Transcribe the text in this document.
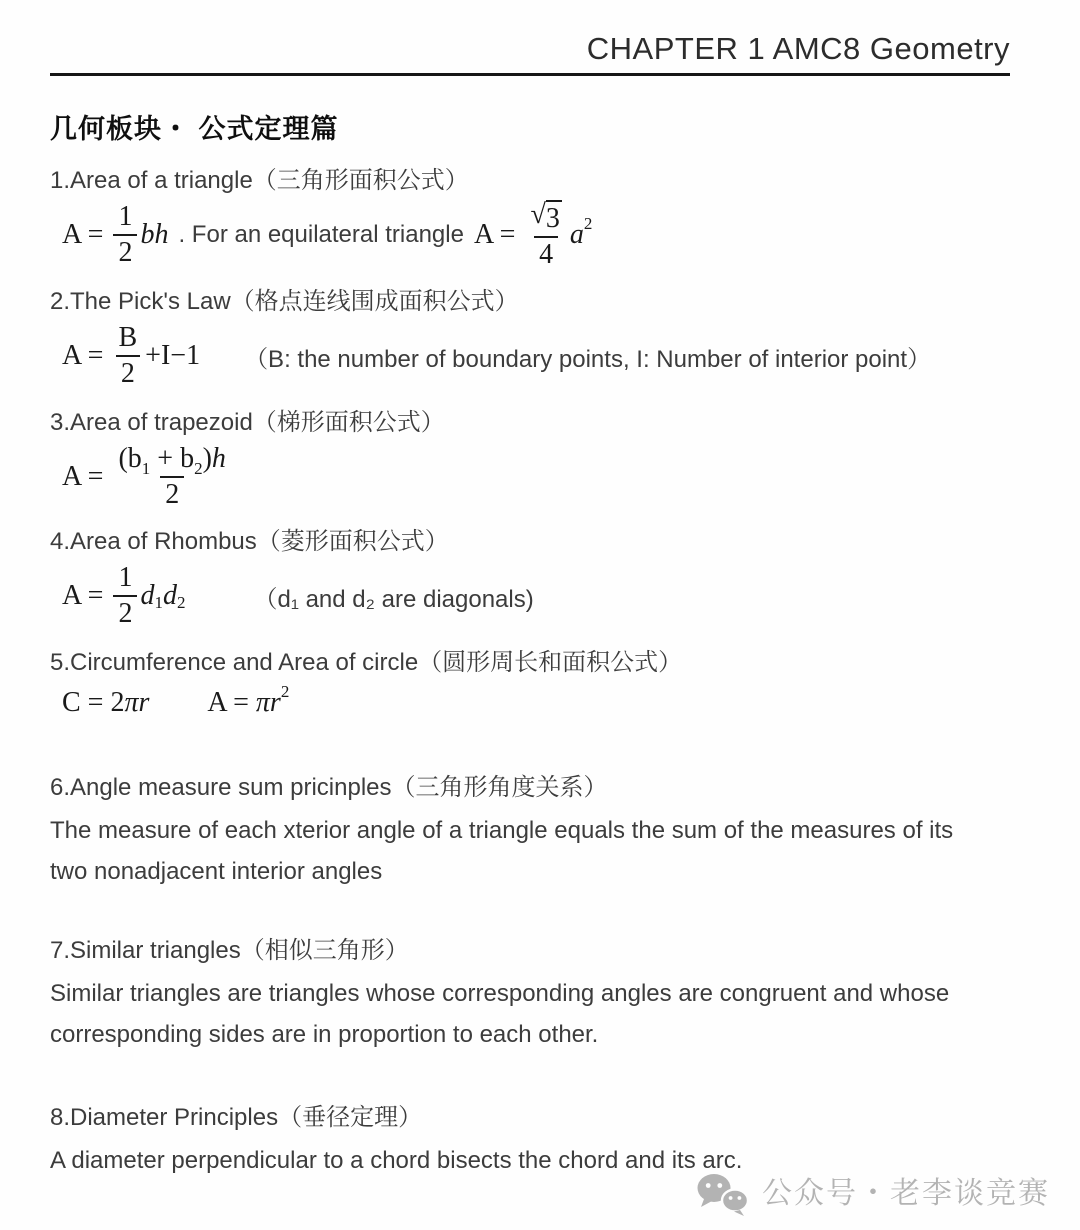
CHAPTER 1 AMC8 Geometry
几何板块・ 公式定理篇
1.Area of a triangle（三角形面积公式）
$A = \frac{1}{2}$ bh . For an equilateral triangle $A = \frac{√ 3}{4}$ a 2
2.The Pick's Law（格点连线围成面积公式）
$A = \frac{B}{2} +I-1$	（B: the number of boundary points, I: Number of interior point）
3.Area of trapezoid（梯形面积公式）
$A = \frac{(b_1 + b_2)h}{2}$
4.Area of Rhombus（菱形面积公式）
$A = \frac{1}{2}$ d 1 d 2	（d₁ and d₂ are diagonals)
5.Circumference and Area of circle（圆形周长和面积公式）
C = 2 πr A = πr 2
6.Angle measure sum pricinples（三角形角度关系）

The measure of each xterior angle of a triangle equals the sum of the measures of its two nonadjacent interior angles

7.Similar triangles（相似三角形）

Similar triangles are triangles whose corresponding angles are congruent and whose corresponding sides are in proportion to each other.

8.Diameter Principles（垂径定理）

A diameter perpendicular to a chord bisects the chord and its arc.

公众号・老李谈竞赛
